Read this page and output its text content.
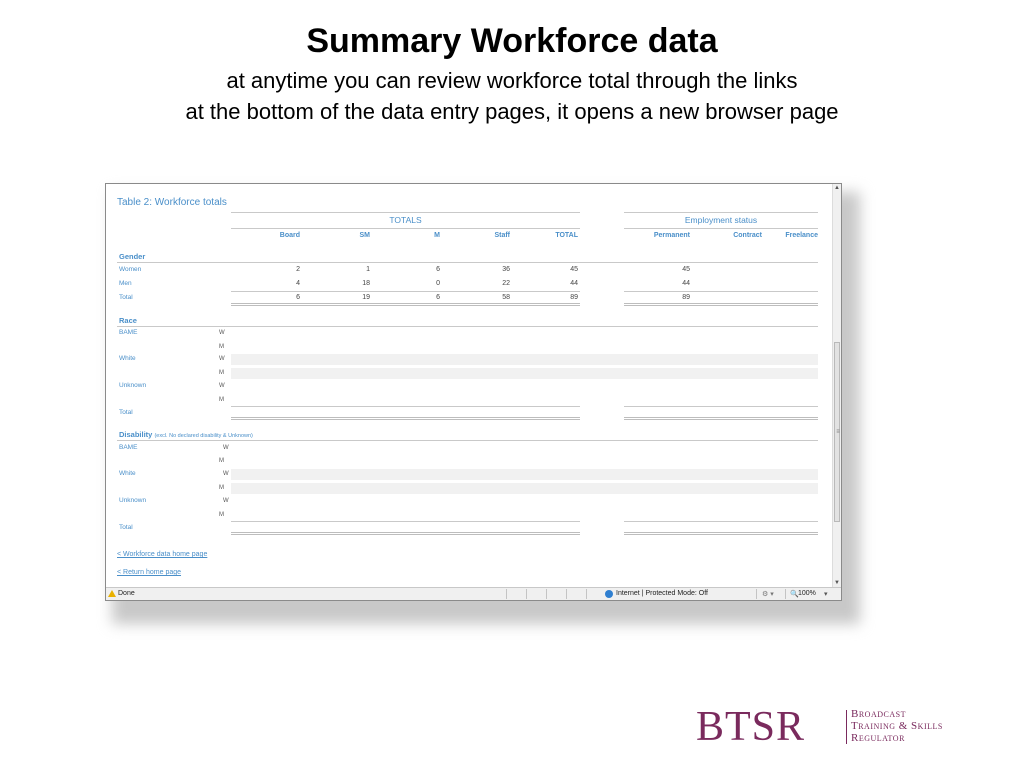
Summary Workforce data
at anytime you can review workforce total through the links
at the bottom of the data entry pages, it opens a new browser page
Table 2: Workforce totals
TOTALS	Employment status
Board	SM	M	Staff	TOTAL	Permanent	Contract	Freelance
Gender
Women	2	1	6	36	45	45
Men	4	18	0	22	44	44
Total	6	19	6	58	89	89
Race
BAME	W
M
White	W
M
Unknown	W
M
Total
Disability (excl. No declared disability & Unknown)
BAME	W
M
White	W
M
Unknown	W
M
Total
< Workforce data home page
< Return home page
▲
≡
▼
Done	Internet | Protected Mode: Off	⚙ ▾ 🔍 100% ▾
BTSR	Broadcast
Training & Skills
Regulator
